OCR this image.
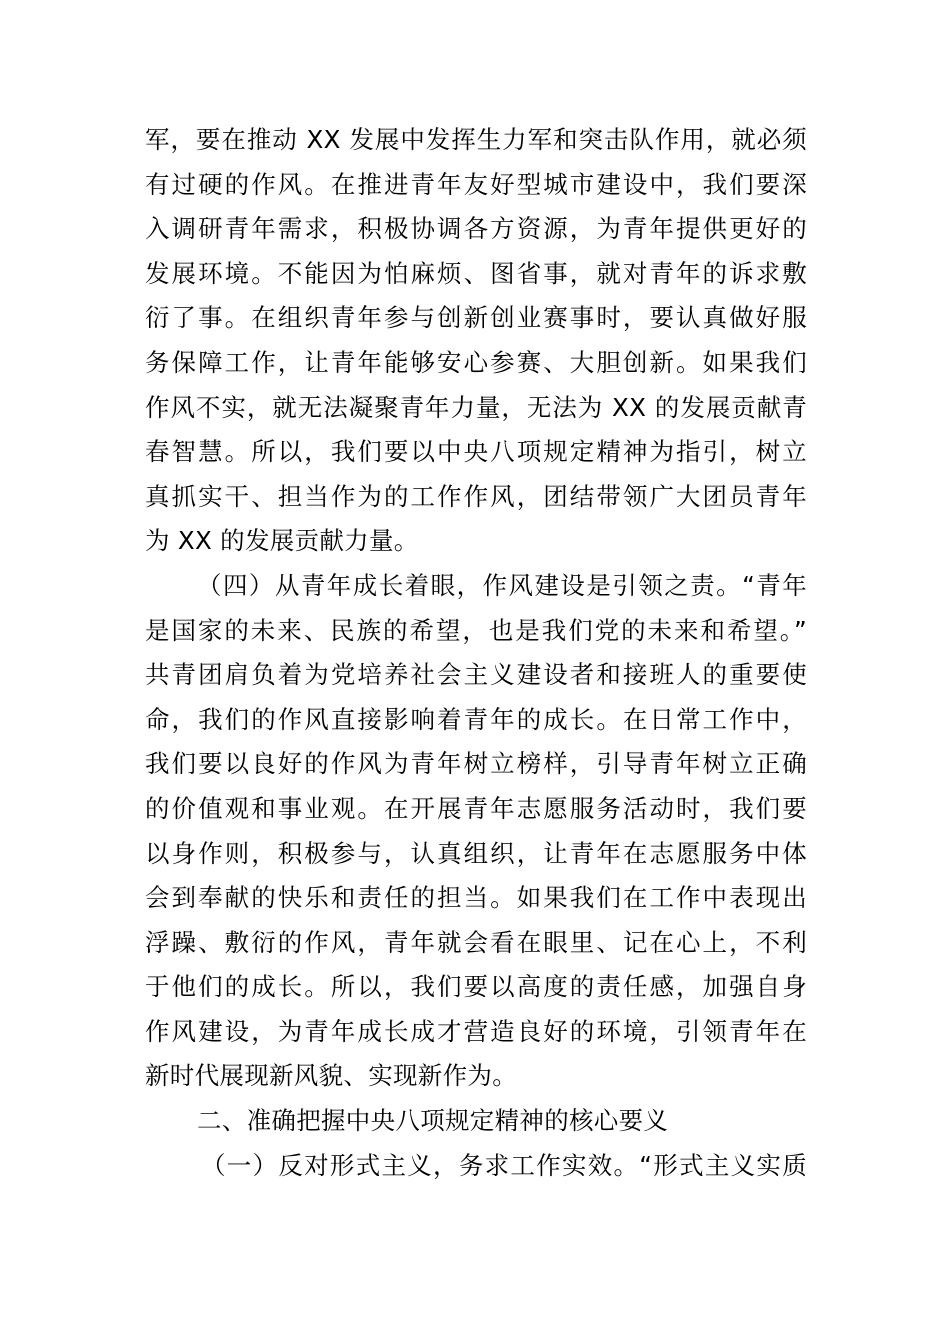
军，要在推动 XX 发展中发挥生力军和突击队作用，就必须
有过硬的作风。在推进青年友好型城市建设中，我们要深
入调研青年需求，积极协调各方资源，为青年提供更好的
发展环境。不能因为怕麻烦、图省事，就对青年的诉求敷
衍了事。在组织青年参与创新创业赛事时，要认真做好服
务保障工作，让青年能够安心参赛、大胆创新。如果我们
作风不实，就无法凝聚青年力量，无法为 XX 的发展贡献青
春智慧。所以，我们要以中央八项规定精神为指引，树立
真抓实干、担当作为的工作作风，团结带领广大团员青年
为 XX 的发展贡献力量。
（四）从青年成长着眼，作风建设是引领之责。“青年
是国家的未来、民族的希望，也是我们党的未来和希望。”
共青团肩负着为党培养社会主义建设者和接班人的重要使
命，我们的作风直接影响着青年的成长。在日常工作中，
我们要以良好的作风为青年树立榜样，引导青年树立正确
的价值观和事业观。在开展青年志愿服务活动时，我们要
以身作则，积极参与，认真组织，让青年在志愿服务中体
会到奉献的快乐和责任的担当。如果我们在工作中表现出
浮躁、敷衍的作风，青年就会看在眼里、记在心上，不利
于他们的成长。所以，我们要以高度的责任感，加强自身
作风建设，为青年成长成才营造良好的环境，引领青年在
新时代展现新风貌、实现新作为。
二、准确把握中央八项规定精神的核心要义
（一）反对形式主义，务求工作实效。“形式主义实质
